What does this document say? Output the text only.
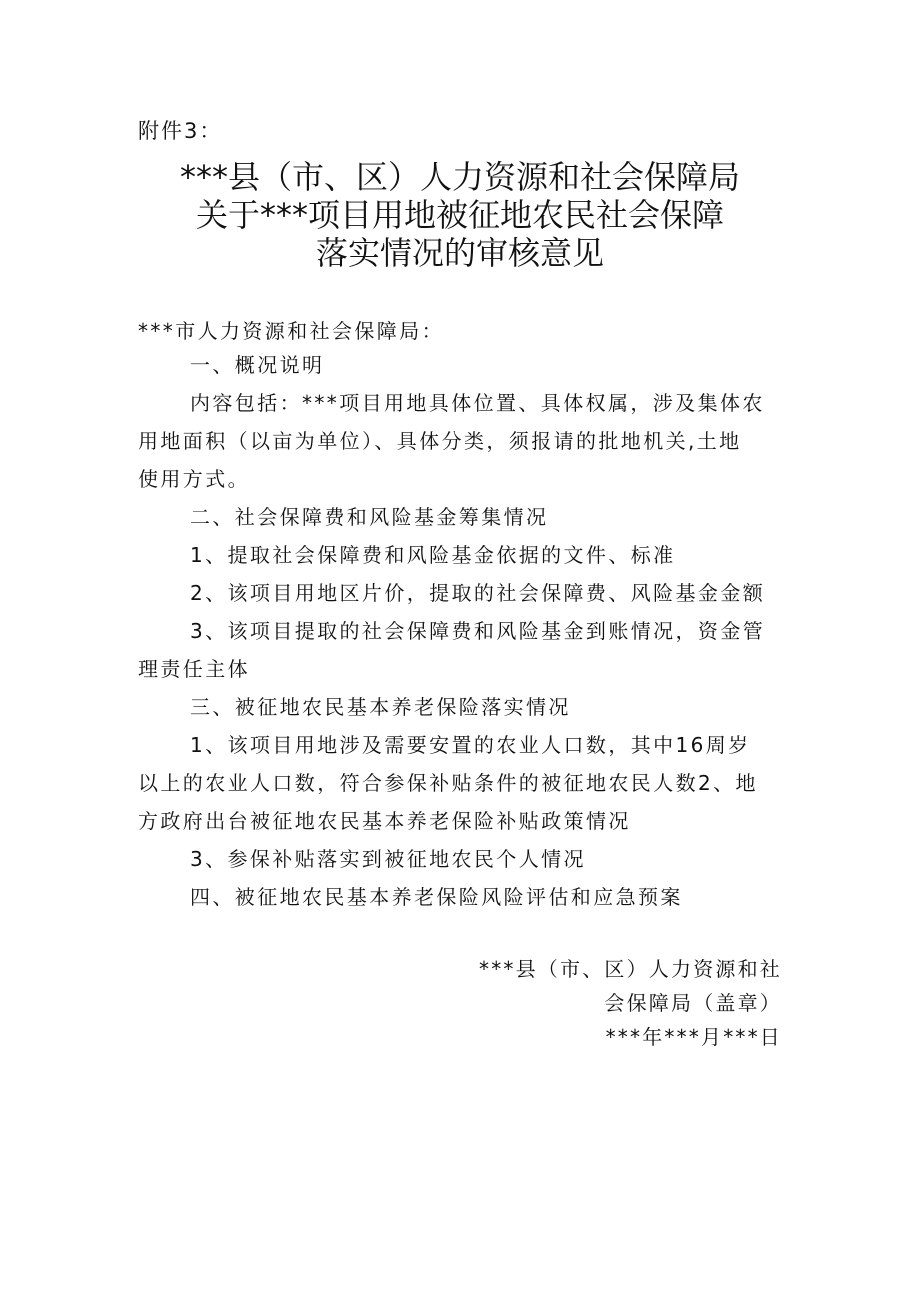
附件3：
***县（市、区）人力资源和社会保障局
关于***项目用地被征地农民社会保障
落实情况的审核意见
***市人力资源和社会保障局：
一、概况说明
内容包括：***项目用地具体位置、具体权属，涉及集体农
用地面积（以亩为单位）、具体分类，须报请的批地机关,土地
使用方式。
二、社会保障费和风险基金筹集情况
1、提取社会保障费和风险基金依据的文件、标准
2、该项目用地区片价，提取的社会保障费、风险基金金额
3、该项目提取的社会保障费和风险基金到账情况，资金管
理责任主体
三、被征地农民基本养老保险落实情况
1、该项目用地涉及需要安置的农业人口数，其中16周岁
以上的农业人口数，符合参保补贴条件的被征地农民人数2、地
方政府出台被征地农民基本养老保险补贴政策情况
3、参保补贴落实到被征地农民个人情况
四、被征地农民基本养老保险风险评估和应急预案
***县（市、区）人力资源和社
会保障局（盖章）
***年***月***日
